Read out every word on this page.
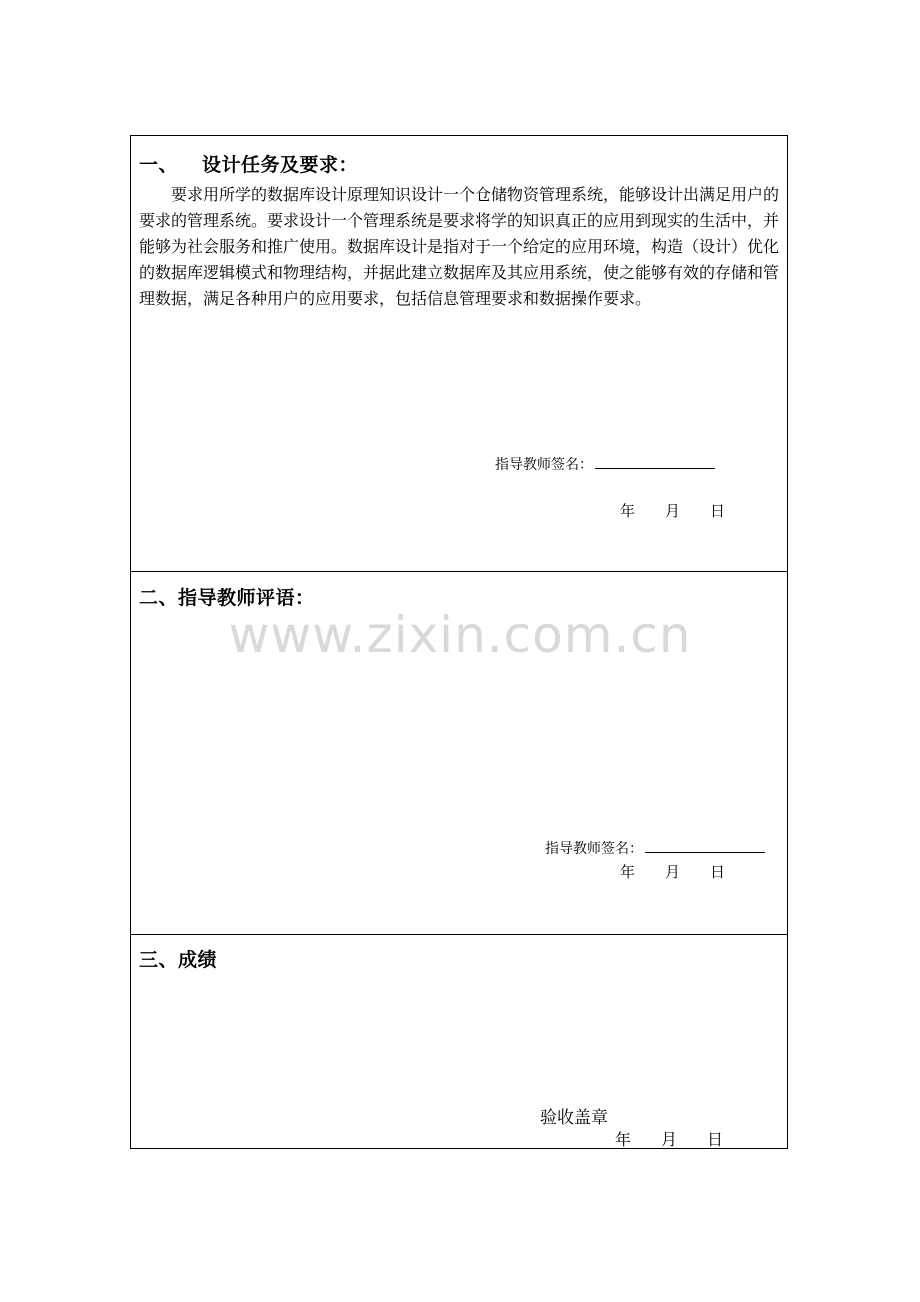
一、 设计任务及要求：
要求用所学的数据库设计原理知识设计一个仓储物资管理系统，能够设计出满足用户的要求的管理系统。要求设计一个管理系统是要求将学的知识真正的应用到现实的生活中，并能够为社会服务和推广使用。数据库设计是指对于一个给定的应用环境，构造（设计）优化的数据库逻辑模式和物理结构，并据此建立数据库及其应用系统，使之能够有效的存储和管理数据，满足各种用户的应用要求，包括信息管理要求和数据操作要求。
指导教师签名：
年 月 日
二、指导教师评语：
指导教师签名：
年 月 日
三、成绩
验收盖章
年 月 日
www.zixin.com.cn
